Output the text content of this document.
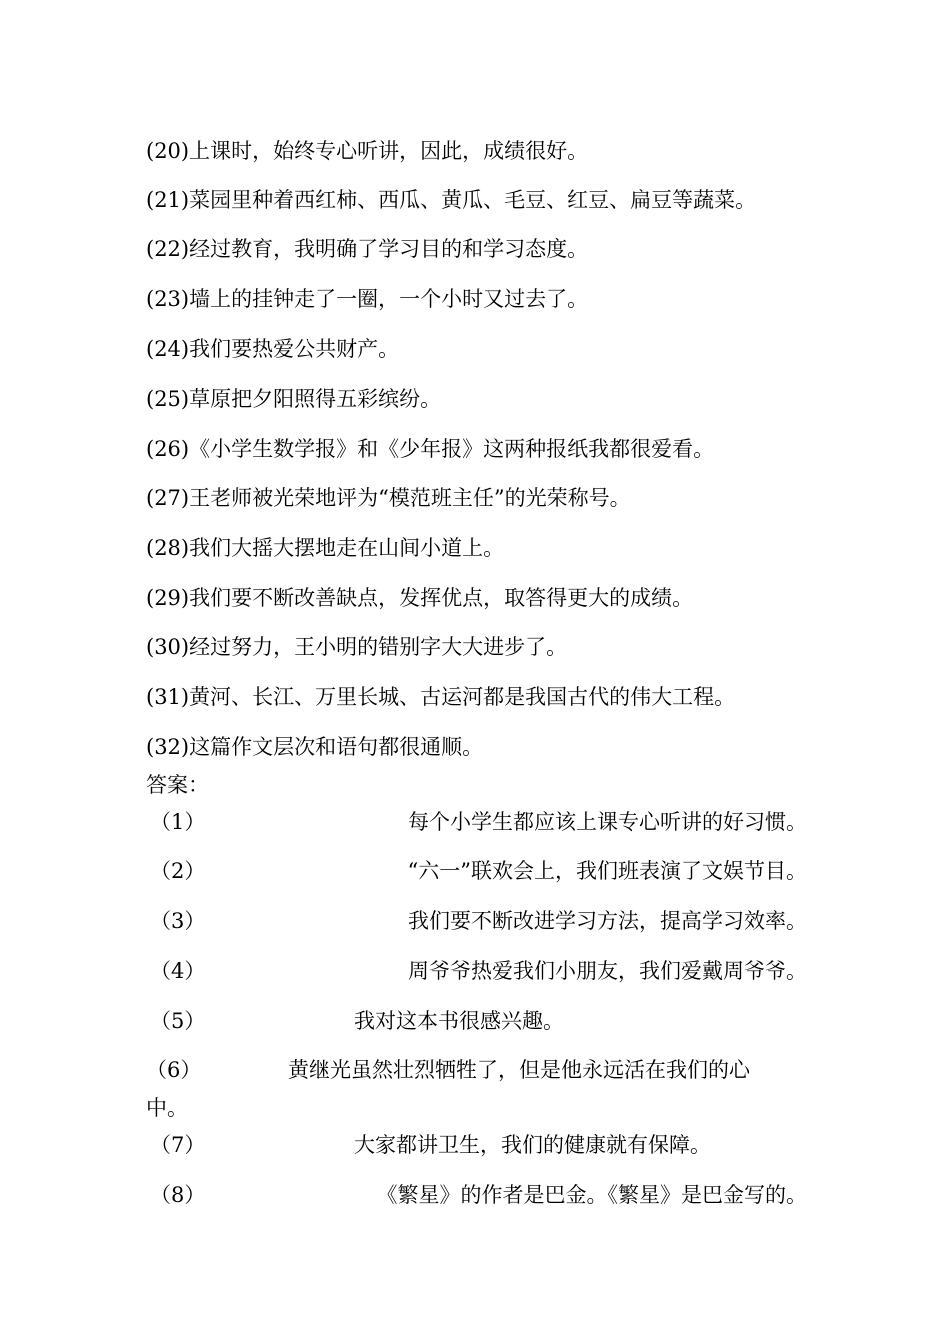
(20)上课时，始终专心听讲，因此，成绩很好。
(21)菜园里种着西红柿、西瓜、黄瓜、毛豆、红豆、扁豆等蔬菜。
(22)经过教育，我明确了学习目的和学习态度。
(23)墙上的挂钟走了一圈，一个小时又过去了。
(24)我们要热爱公共财产。
(25)草原把夕阳照得五彩缤纷。
(26)《小学生数学报》和《少年报》这两种报纸我都很爱看。
(27)王老师被光荣地评为“模范班主任”的光荣称号。
(28)我们大摇大摆地走在山间小道上。
(29)我们要不断改善缺点，发挥优点，取答得更大的成绩。
(30)经过努力，王小明的错别字大大进步了。
(31)黄河、长江、万里长城、古运河都是我国古代的伟大工程。
(32)这篇作文层次和语句都很通顺。
答案：
（1）	每个小学生都应该上课专心听讲的好习惯。
（2）	“六一”联欢会上，我们班表演了文娱节目。
（3）	我们要不断改进学习方法，提高学习效率。
（4）	周爷爷热爱我们小朋友，我们爱戴周爷爷。
（5）	我对这本书很感兴趣。
（6）	黄继光虽然壮烈牺牲了，但是他永远活在我们的心
中。
（7）	大家都讲卫生，我们的健康就有保障。
（8）	《繁星》的作者是巴金。《繁星》是巴金写的。
